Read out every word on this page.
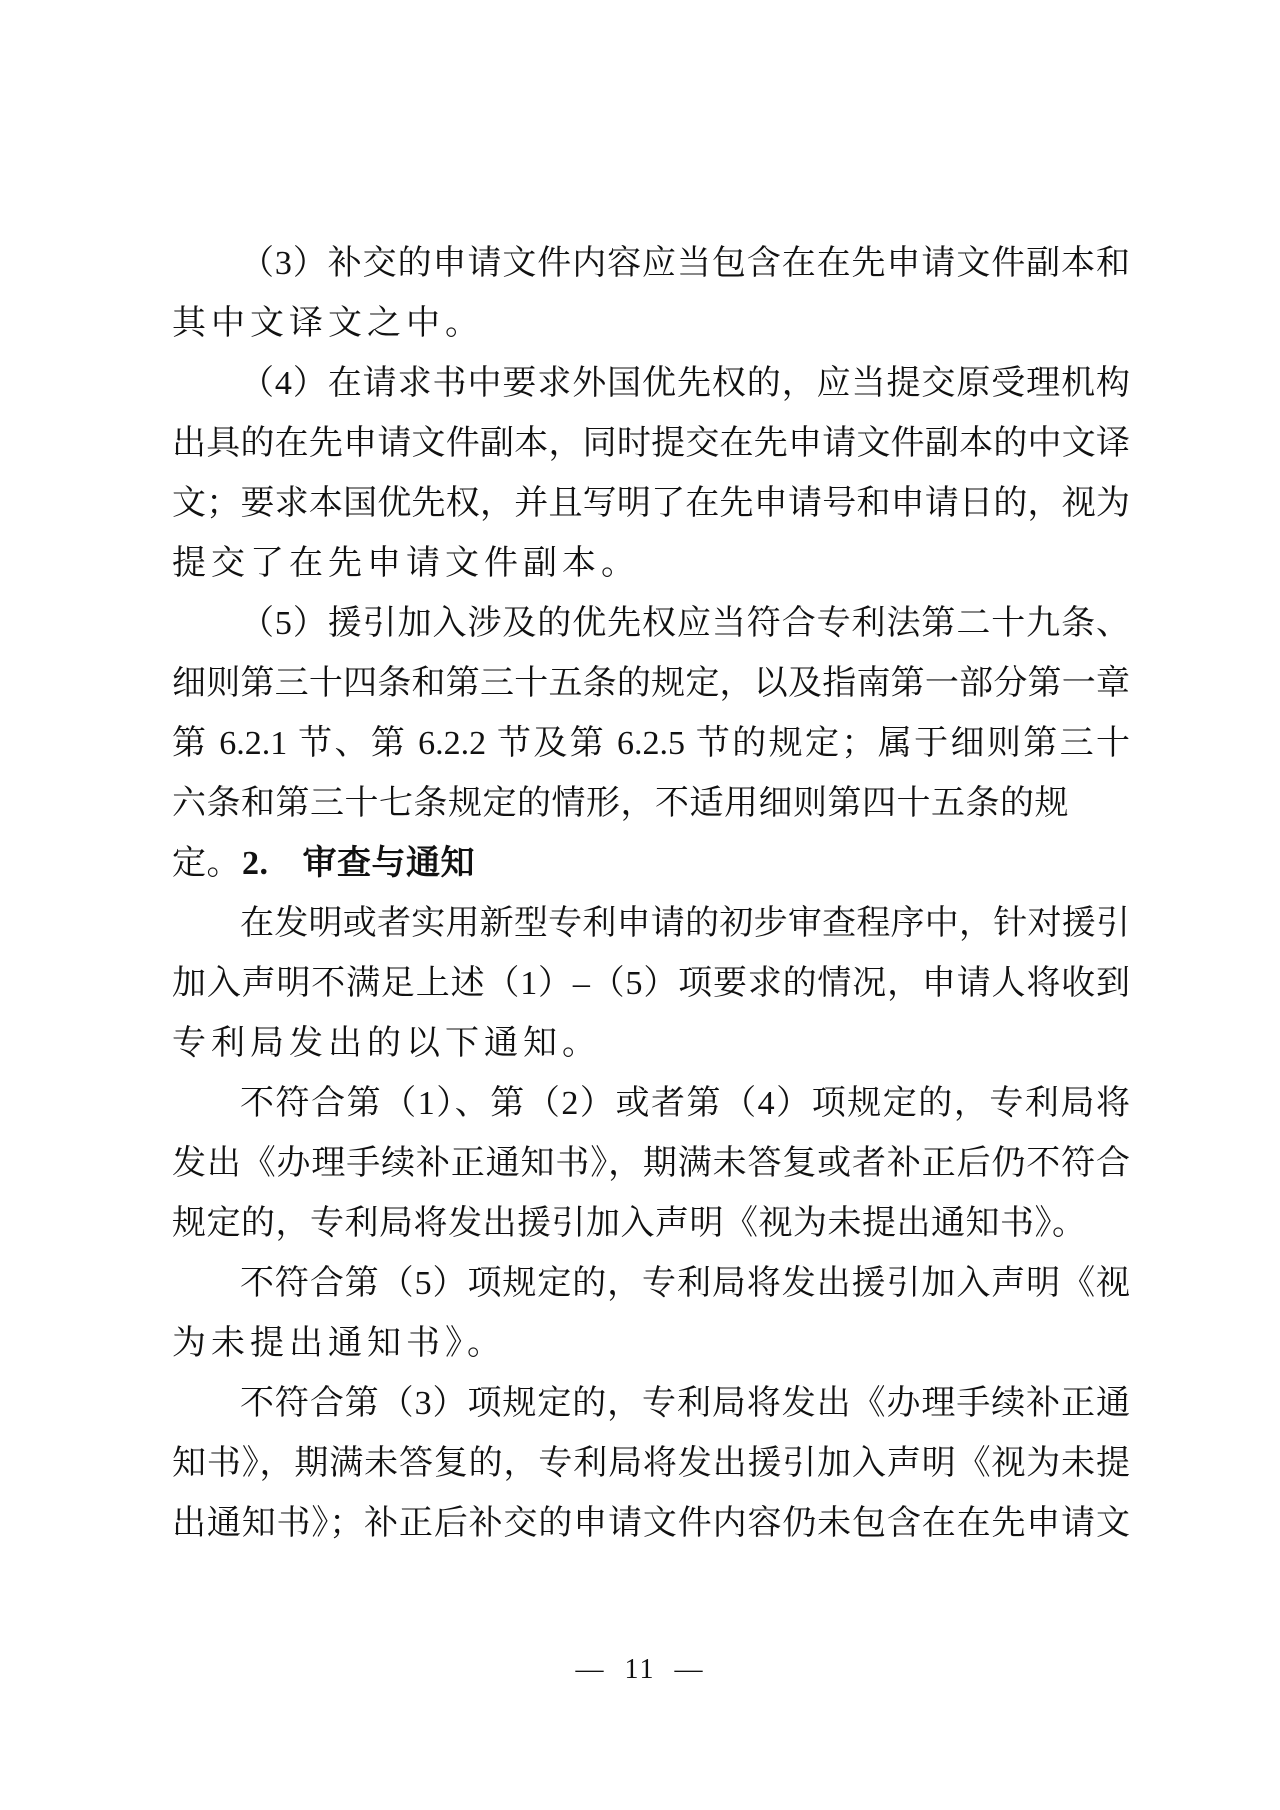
（3）补交的申请文件内容应当包含在在先申请文件副本和

其中文译文之中。

（4）在请求书中要求外国优先权的，应当提交原受理机构

出具的在先申请文件副本，同时提交在先申请文件副本的中文译

文；要求本国优先权，并且写明了在先申请号和申请日的，视为

提交了在先申请文件副本。

（5）援引加入涉及的优先权应当符合专利法第二十九条、

细则第三十四条和第三十五条的规定，以及指南第一部分第一章

第 6.2.1 节、第 6.2.2 节及第 6.2.5 节的规定；属于细则第三十

六条和第三十七条规定的情形，不适用细则第四十五条的规定。 2. 审查与通知

在发明或者实用新型专利申请的初步审查程序中，针对援引

加入声明不满足上述（1）–（5）项要求的情况，申请人将收到

专利局发出的以下通知。

不符合第（1）、第（2）或者第（4）项规定的，专利局将

发出《办理手续补正通知书》，期满未答复或者补正后仍不符合

规定的，专利局将发出援引加入声明《视为未提出通知书》。

不符合第（5）项规定的，专利局将发出援引加入声明《视

为未提出通知书》。

不符合第（3）项规定的，专利局将发出《办理手续补正通

知书》，期满未答复的，专利局将发出援引加入声明《视为未提

出通知书》；补正后补交的申请文件内容仍未包含在在先申请文

— 11 —
